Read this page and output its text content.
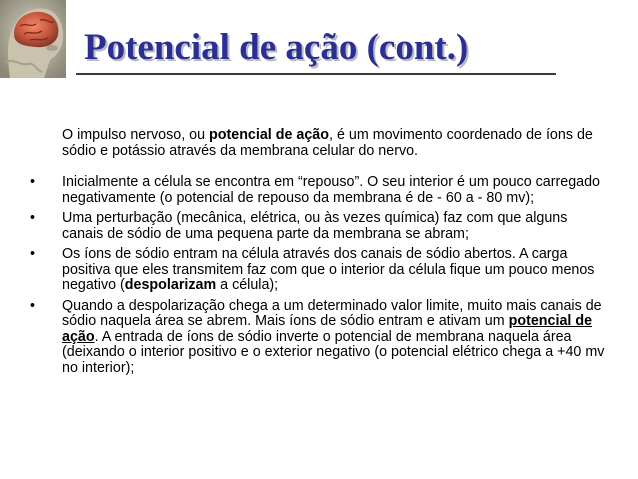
Potencial de ação (cont.)

O impulso nervoso, ou potencial de ação, é um movimento coordenado de íons de sódio e potássio através da membrana celular do nervo.

•	Inicialmente a célula se encontra em “repouso”. O seu interior é um pouco carregado negativamente (o potencial de repouso da membrana é de - 60 a - 80 mv);
•	Uma perturbação (mecânica, elétrica, ou às vezes química) faz com que alguns canais de sódio de uma pequena parte da membrana se abram;
•	Os íons de sódio entram na célula através dos canais de sódio abertos. A carga positiva que eles transmitem faz com que o interior da célula fique um pouco menos negativo (despolarizam a célula);
•	Quando a despolarização chega a um determinado valor limite, muito mais canais de sódio naquela área se abrem. Mais íons de sódio entram e ativam um potencial de ação. A entrada de íons de sódio inverte o potencial de membrana naquela área (deixando o interior positivo e o exterior negativo (o potencial elétrico chega a +40 mv no interior);
